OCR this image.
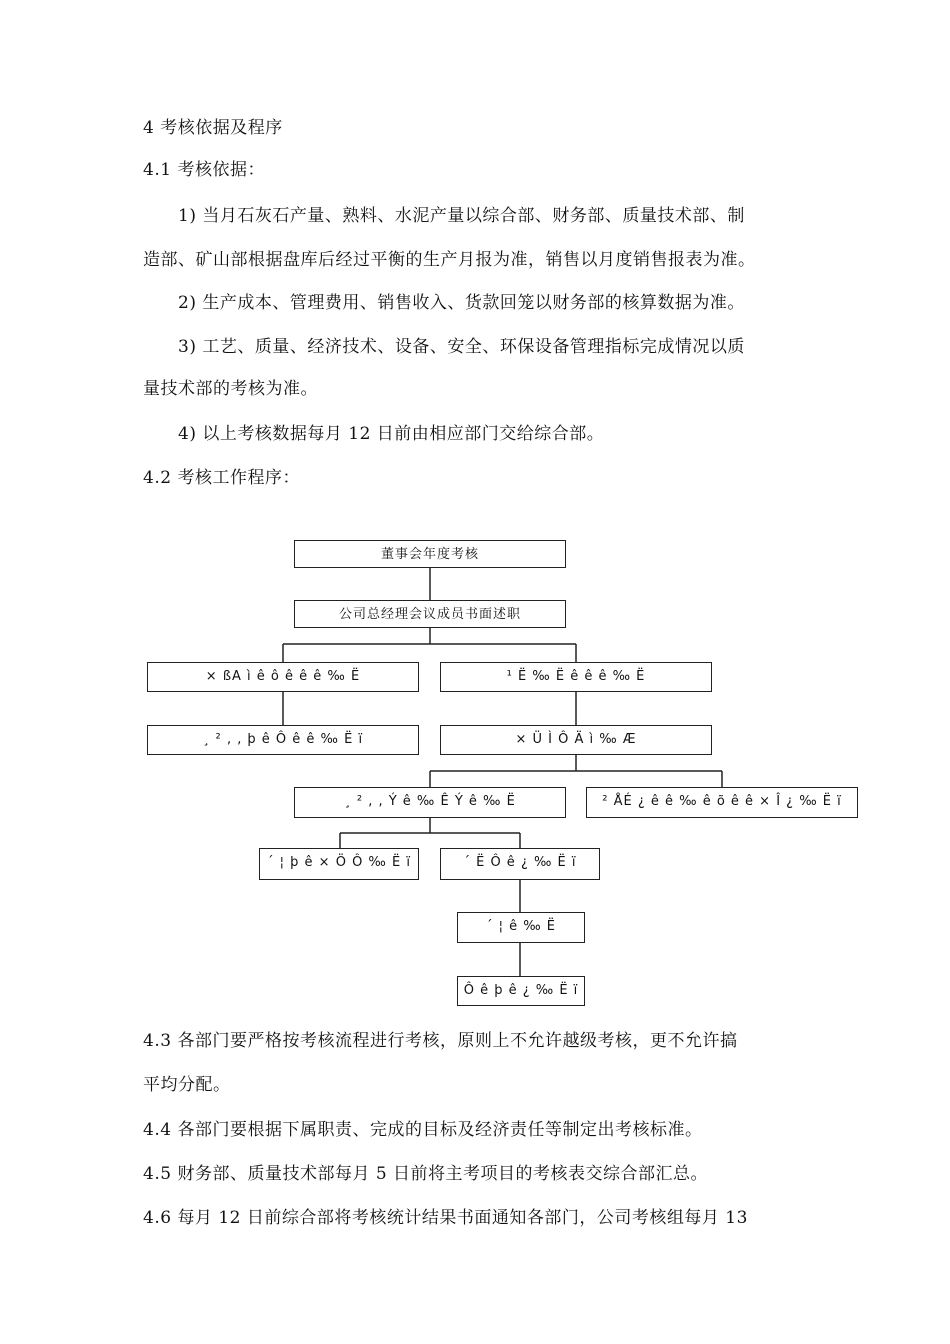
4 考核依据及程序
4.1 考核依据：
1) 当月石灰石产量、熟料、水泥产量以综合部、财务部、质量技术部、制
造部、矿山部根据盘库后经过平衡的生产月报为准，销售以月度销售报表为准。
2) 生产成本、管理费用、销售收入、货款回笼以财务部的核算数据为准。
3) 工艺、质量、经济技术、设备、安全、环保设备管理指标完成情况以质
量技术部的考核为准。
4) 以上考核数据每月 12 日前由相应部门交给综合部。
4.2 考核工作程序：
董事会年度考核
公司总经理会议成员书面述职
× ßA ì ê ô ê ê ê ‰ Ë	¹ Ë ‰ Ë ê ê ê ‰ Ë
¸ ² ‚ ‚ þ ê Ô ê ê ‰ Ë ï	× Ü Ì Ô Ä ì ‰ Æ
¸ ² ‚ ‚ Ý ê ‰ Ê Ý ê ‰ Ë	² ÅÉ ¿ ê ê ‰ ê õ ê ê × Î ¿ ‰ Ë ï
´ ¦ þ ê × Ö Ô ‰ Ë ï	´ Ë Ô ê ¿ ‰ Ë ï
´ ¦ ê ‰ Ë
Ô ê þ ê ¿ ‰ Ë ï
4.3 各部门要严格按考核流程进行考核，原则上不允许越级考核，更不允许搞
平均分配。
4.4 各部门要根据下属职责、完成的目标及经济责任等制定出考核标准。
4.5 财务部、质量技术部每月 5 日前将主考项目的考核表交综合部汇总。
4.6 每月 12 日前综合部将考核统计结果书面通知各部门，公司考核组每月 13
